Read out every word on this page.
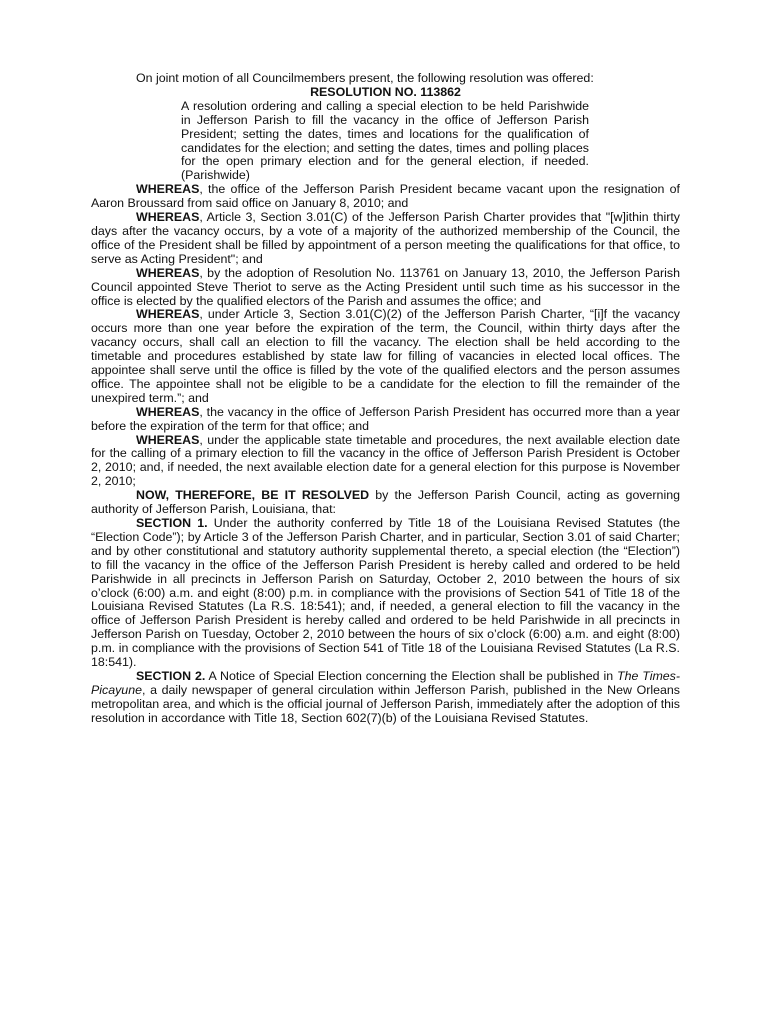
On joint motion of all Councilmembers present, the following resolution was offered:

RESOLUTION NO. 113862

A resolution ordering and calling a special election to be held Parishwide in Jefferson Parish to fill the vacancy in the office of Jefferson Parish President; setting the dates, times and locations for the qualification of candidates for the election; and setting the dates, times and polling places for the open primary election and for the general election, if needed. (Parishwide)

WHEREAS, the office of the Jefferson Parish President became vacant upon the resignation of Aaron Broussard from said office on January 8, 2010; and

WHEREAS, Article 3, Section 3.01(C) of the Jefferson Parish Charter provides that "[w]ithin thirty days after the vacancy occurs, by a vote of a majority of the authorized membership of the Council, the office of the President shall be filled by appointment of a person meeting the qualifications for that office, to serve as Acting President"; and

WHEREAS, by the adoption of Resolution No. 113761 on January 13, 2010, the Jefferson Parish Council appointed Steve Theriot to serve as the Acting President until such time as his successor in the office is elected by the qualified electors of the Parish and assumes the office; and

WHEREAS, under Article 3, Section 3.01(C)(2) of the Jefferson Parish Charter, “[i]f the vacancy occurs more than one year before the expiration of the term, the Council, within thirty days after the vacancy occurs, shall call an election to fill the vacancy. The election shall be held according to the timetable and procedures established by state law for filling of vacancies in elected local offices. The appointee shall serve until the office is filled by the vote of the qualified electors and the person assumes office. The appointee shall not be eligible to be a candidate for the election to fill the remainder of the unexpired term.”; and

WHEREAS, the vacancy in the office of Jefferson Parish President has occurred more than a year before the expiration of the term for that office; and

WHEREAS, under the applicable state timetable and procedures, the next available election date for the calling of a primary election to fill the vacancy in the office of Jefferson Parish President is October 2, 2010; and, if needed, the next available election date for a general election for this purpose is November 2, 2010;

NOW, THEREFORE, BE IT RESOLVED by the Jefferson Parish Council, acting as governing authority of Jefferson Parish, Louisiana, that:

SECTION 1. Under the authority conferred by Title 18 of the Louisiana Revised Statutes (the “Election Code”); by Article 3 of the Jefferson Parish Charter, and in particular, Section 3.01 of said Charter; and by other constitutional and statutory authority supplemental thereto, a special election (the “Election”) to fill the vacancy in the office of the Jefferson Parish President is hereby called and ordered to be held Parishwide in all precincts in Jefferson Parish on Saturday, October 2, 2010 between the hours of six o’clock (6:00) a.m. and eight (8:00) p.m. in compliance with the provisions of Section 541 of Title 18 of the Louisiana Revised Statutes (La R.S. 18:541); and, if needed, a general election to fill the vacancy in the office of Jefferson Parish President is hereby called and ordered to be held Parishwide in all precincts in Jefferson Parish on Tuesday, October 2, 2010 between the hours of six o’clock (6:00) a.m. and eight (8:00) p.m. in compliance with the provisions of Section 541 of Title 18 of the Louisiana Revised Statutes (La R.S. 18:541).

SECTION 2. A Notice of Special Election concerning the Election shall be published in The Times-Picayune, a daily newspaper of general circulation within Jefferson Parish, published in the New Orleans metropolitan area, and which is the official journal of Jefferson Parish, immediately after the adoption of this resolution in accordance with Title 18, Section 602(7)(b) of the Louisiana Revised Statutes.
